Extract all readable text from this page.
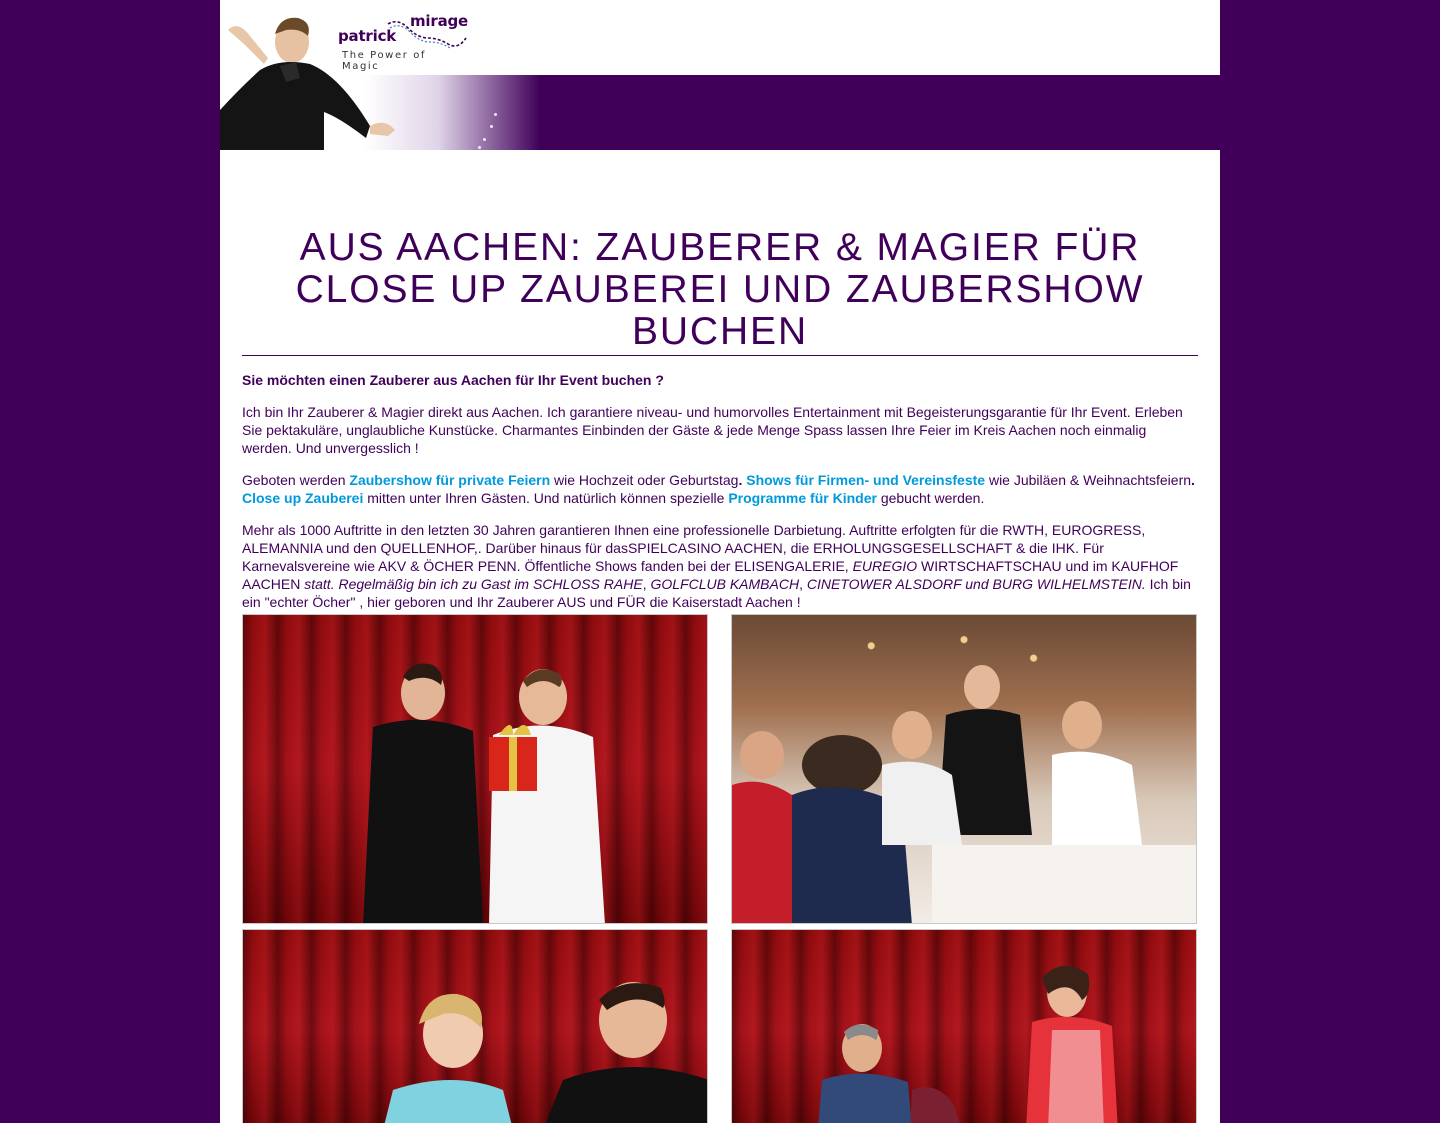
patrick
mirage
The Power of Magic
AUS AACHEN: ZAUBERER & MAGIER FÜR CLOSE UP ZAUBEREI UND ZAUBERSHOW BUCHEN

Sie möchten einen Zauberer aus Aachen für Ihr Event buchen ?

Ich bin Ihr Zauberer & Magier direkt aus Aachen. Ich garantiere niveau- und humorvolles Entertainment mit Begeisterungsgarantie für Ihr Event. Erleben Sie pektakuläre, unglaubliche Kunstücke. Charmantes Einbinden der Gäste & jede Menge Spass lassen Ihre Feier im Kreis Aachen noch einmalig werden. Und unvergesslich !

Geboten werden Zaubershow für private Feiern wie Hochzeit oder Geburtstag. Shows für Firmen- und Vereinsfeste wie Jubiläen & Weihnachtsfeiern. Close up Zauberei mitten unter Ihren Gästen. Und natürlich können spezielle Programme für Kinder gebucht werden.

Mehr als 1000 Auftritte in den letzten 30 Jahren garantieren Ihnen eine professionelle Darbietung. Auftritte erfolgten für die RWTH, EUROGRESS, ALEMANNIA und den QUELLENHOF,. Darüber hinaus für dasSPIELCASINO AACHEN, die ERHOLUNGSGESELLSCHAFT & die IHK. Für Karnevalsvereine wie AKV & ÖCHER PENN. Öffentliche Shows fanden bei der ELISENGALERIE, EUREGIO WIRTSCHAFTSCHAU und im KAUFHOF AACHEN statt. Regelmäßig bin ich zu Gast im SCHLOSS RAHE, GOLFCLUB KAMBACH, CINETOWER ALSDORF und BURG WILHELMSTEIN. Ich bin ein "echter Öcher" , hier geboren und Ihr Zauberer AUS und FÜR die Kaiserstadt Aachen !
